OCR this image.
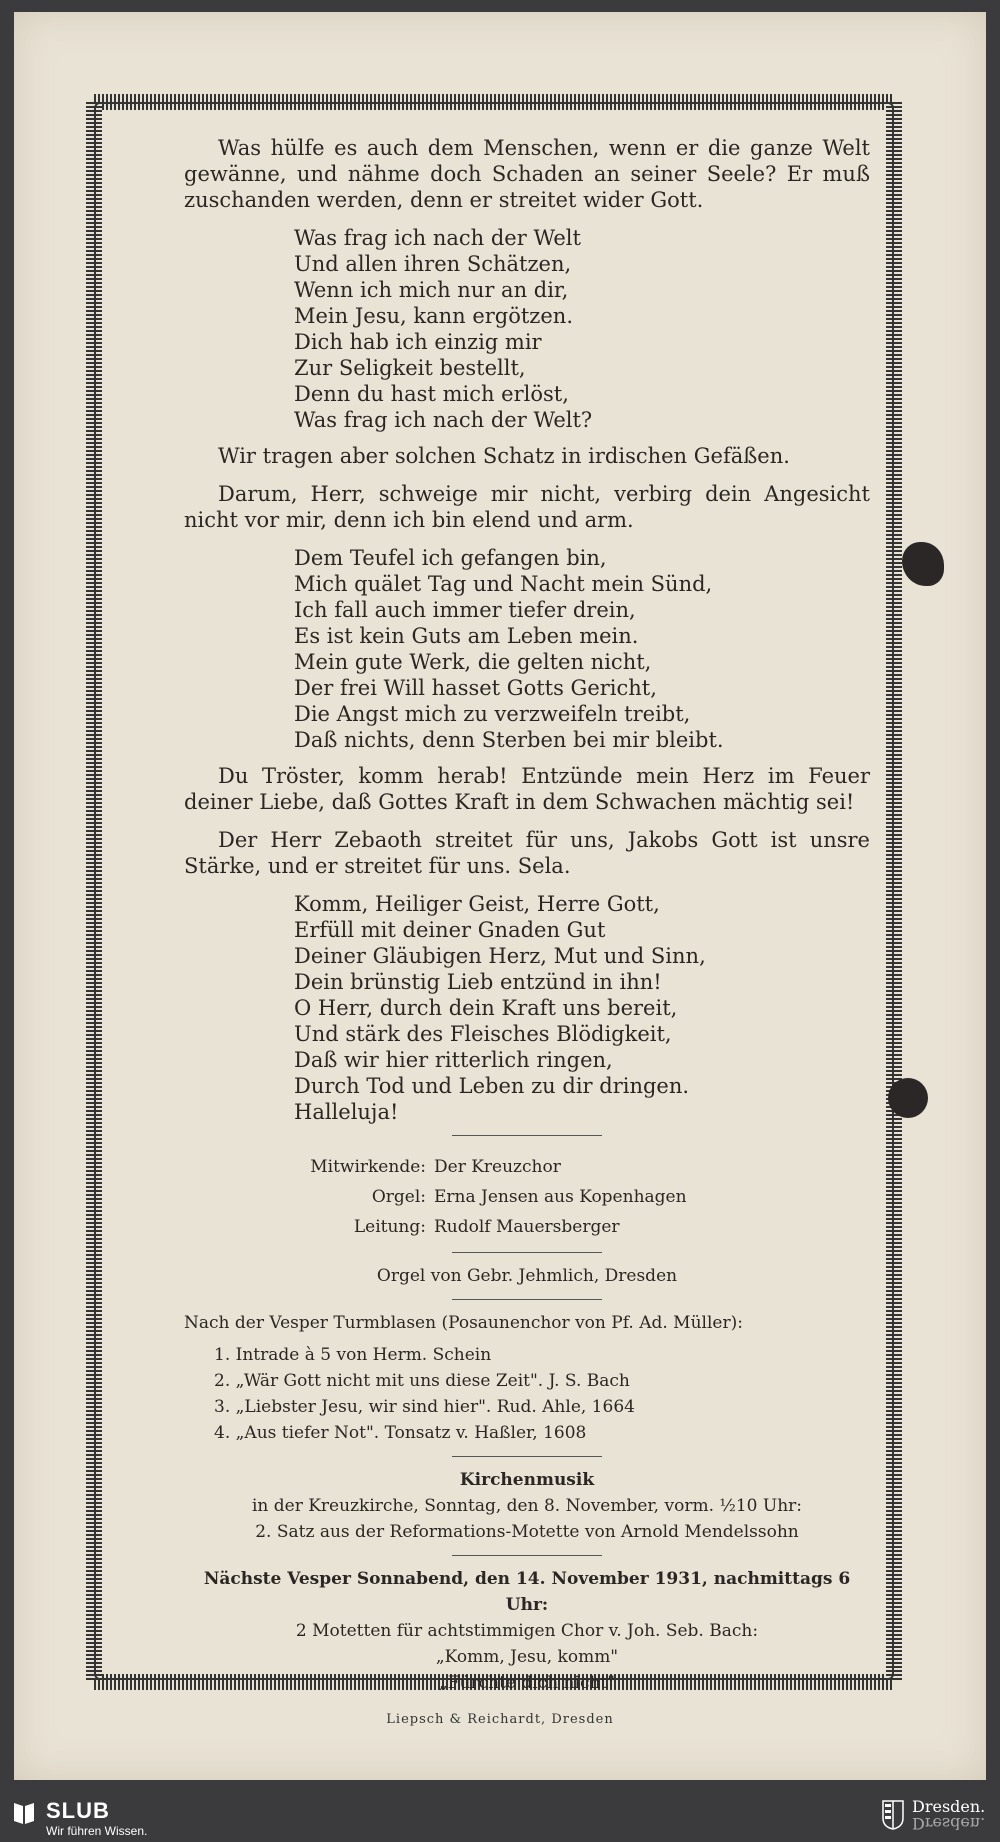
Was hülfe es auch dem Menschen, wenn er die ganze Welt gewänne, und nähme doch Schaden an seiner Seele? Er muß zuschanden werden, denn er streitet wider Gott.

Was frag ich nach der Welt
Und allen ihren Schätzen,
Wenn ich mich nur an dir,
Mein Jesu, kann ergötzen.
Dich hab ich einzig mir
Zur Seligkeit bestellt,
Denn du hast mich erlöst,
Was frag ich nach der Welt?

Wir tragen aber solchen Schatz in irdischen Gefäßen.

Darum, Herr, schweige mir nicht, verbirg dein Angesicht nicht vor mir, denn ich bin elend und arm.

Dem Teufel ich gefangen bin,
Mich quälet Tag und Nacht mein Sünd,
Ich fall auch immer tiefer drein,
Es ist kein Guts am Leben mein.
Mein gute Werk, die gelten nicht,
Der frei Will hasset Gotts Gericht,
Die Angst mich zu verzweifeln treibt,
Daß nichts, denn Sterben bei mir bleibt.

Du Tröster, komm herab! Entzünde mein Herz im Feuer deiner Liebe, daß Gottes Kraft in dem Schwachen mächtig sei!

Der Herr Zebaoth streitet für uns, Jakobs Gott ist unsre Stärke, und er streitet für uns. Sela.

Komm, Heiliger Geist, Herre Gott,
Erfüll mit deiner Gnaden Gut
Deiner Gläubigen Herz, Mut und Sinn,
Dein brünstig Lieb entzünd in ihn!
O Herr, durch dein Kraft uns bereit,
Und stärk des Fleisches Blödigkeit,
Daß wir hier ritterlich ringen,
Durch Tod und Leben zu dir dringen.
Halleluja!
Mitwirkende: Der Kreuzchor
Orgel: Erna Jensen aus Kopenhagen
Leitung: Rudolf Mauersberger
Orgel von Gebr. Jehmlich, Dresden
Nach der Vesper Turmblasen (Posaunenchor von Pf. Ad. Müller):
1. Intrade à 5 von Herm. Schein
2. „Wär Gott nicht mit uns diese Zeit". J. S. Bach
3. „Liebster Jesu, wir sind hier". Rud. Ahle, 1664
4. „Aus tiefer Not". Tonsatz v. Haßler, 1608
Kirchenmusik
in der Kreuzkirche, Sonntag, den 8. November, vorm. ½10 Uhr:
2. Satz aus der Reformations-Motette von Arnold Mendelssohn
Nächste Vesper Sonnabend, den 14. November 1931, nachmittags 6 Uhr:
2 Motetten für achtstimmigen Chor v. Joh. Seb. Bach:
„Komm, Jesu, komm"
„Fürchte dich nicht"
Liepsch & Reichardt, Dresden
SLUB
Wir führen Wissen.
Dresden.
Dresden.
